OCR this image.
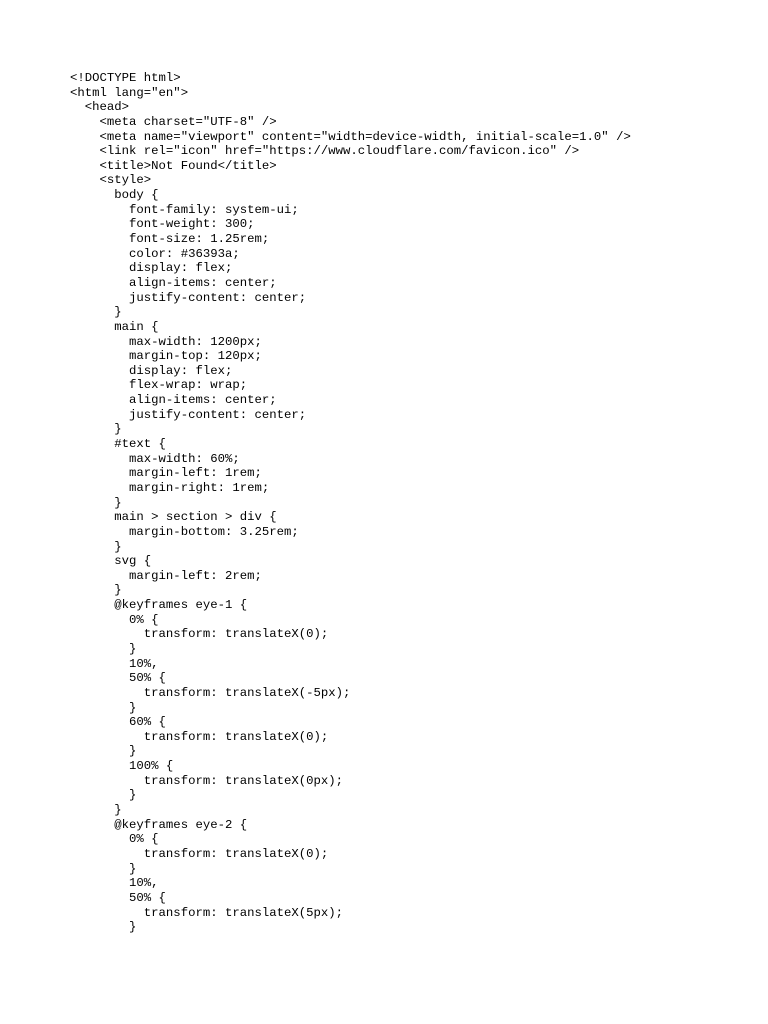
<!DOCTYPE html>
<html lang="en">
<head>
<meta charset="UTF-8" />
<meta name="viewport" content="width=device-width, initial-scale=1.0" />
<link rel="icon" href="https://www.cloudflare.com/favicon.ico" />
<title>Not Found</title>
<style>
body {
font-family: system-ui;
font-weight: 300;
font-size: 1.25rem;
color: #36393a;
display: flex;
align-items: center;
justify-content: center;
}
main {
max-width: 1200px;
margin-top: 120px;
display: flex;
flex-wrap: wrap;
align-items: center;
justify-content: center;
}
#text {
max-width: 60%;
margin-left: 1rem;
margin-right: 1rem;
}
main > section > div {
margin-bottom: 3.25rem;
}
svg {
margin-left: 2rem;
}
@keyframes eye-1 {
0% {
transform: translateX(0);
}
10%,
50% {
transform: translateX(-5px);
}
60% {
transform: translateX(0);
}
100% {
transform: translateX(0px);
}
}
@keyframes eye-2 {
0% {
transform: translateX(0);
}
10%,
50% {
transform: translateX(5px);
}
